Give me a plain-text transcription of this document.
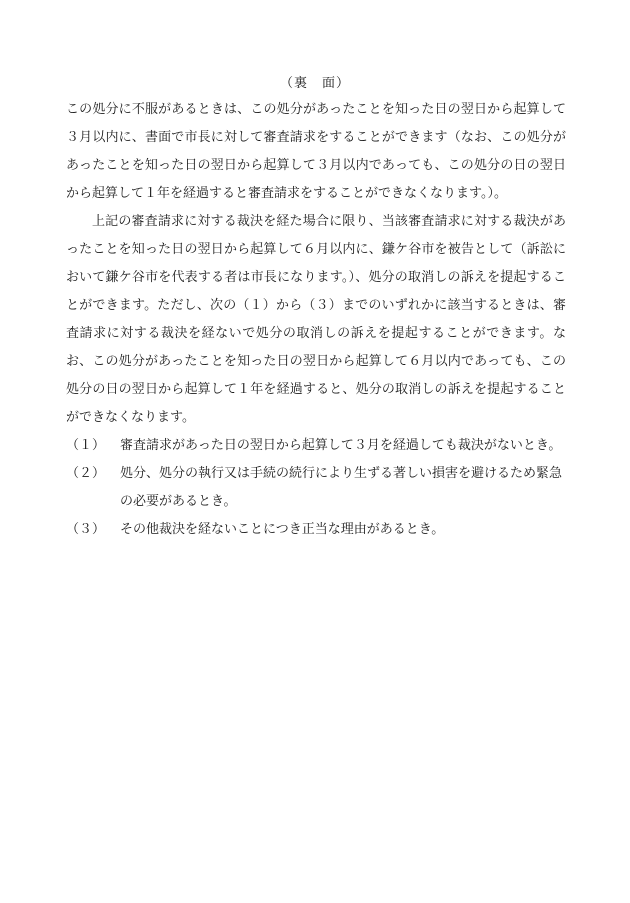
（裏　面）

この処分に不服があるときは、この処分があったことを知った日の翌日から起算して３月以内に、書面で市長に対して審査請求をすることができます（なお、この処分があったことを知った日の翌日から起算して３月以内であっても、この処分の日の翌日から起算して１年を経過すると審査請求をすることができなくなります。）。

上記の審査請求に対する裁決を経た場合に限り、当該審査請求に対する裁決があったことを知った日の翌日から起算して６月以内に、鎌ケ谷市を被告として（訴訟において鎌ケ谷市を代表する者は市長になります。）、処分の取消しの訴えを提起することができます。ただし、次の（１）から（３）までのいずれかに該当するときは、審査請求に対する裁決を経ないで処分の取消しの訴えを提起することができます。なお、この処分があったことを知った日の翌日から起算して６月以内であっても、この処分の日の翌日から起算して１年を経過すると、処分の取消しの訴えを提起することができなくなります。

（１）	審査請求があった日の翌日から起算して３月を経過しても裁決がないとき。
（２）	処分、処分の執行又は手続の続行により生ずる著しい損害を避けるため緊急の必要があるとき。
（３）	その他裁決を経ないことにつき正当な理由があるとき。
